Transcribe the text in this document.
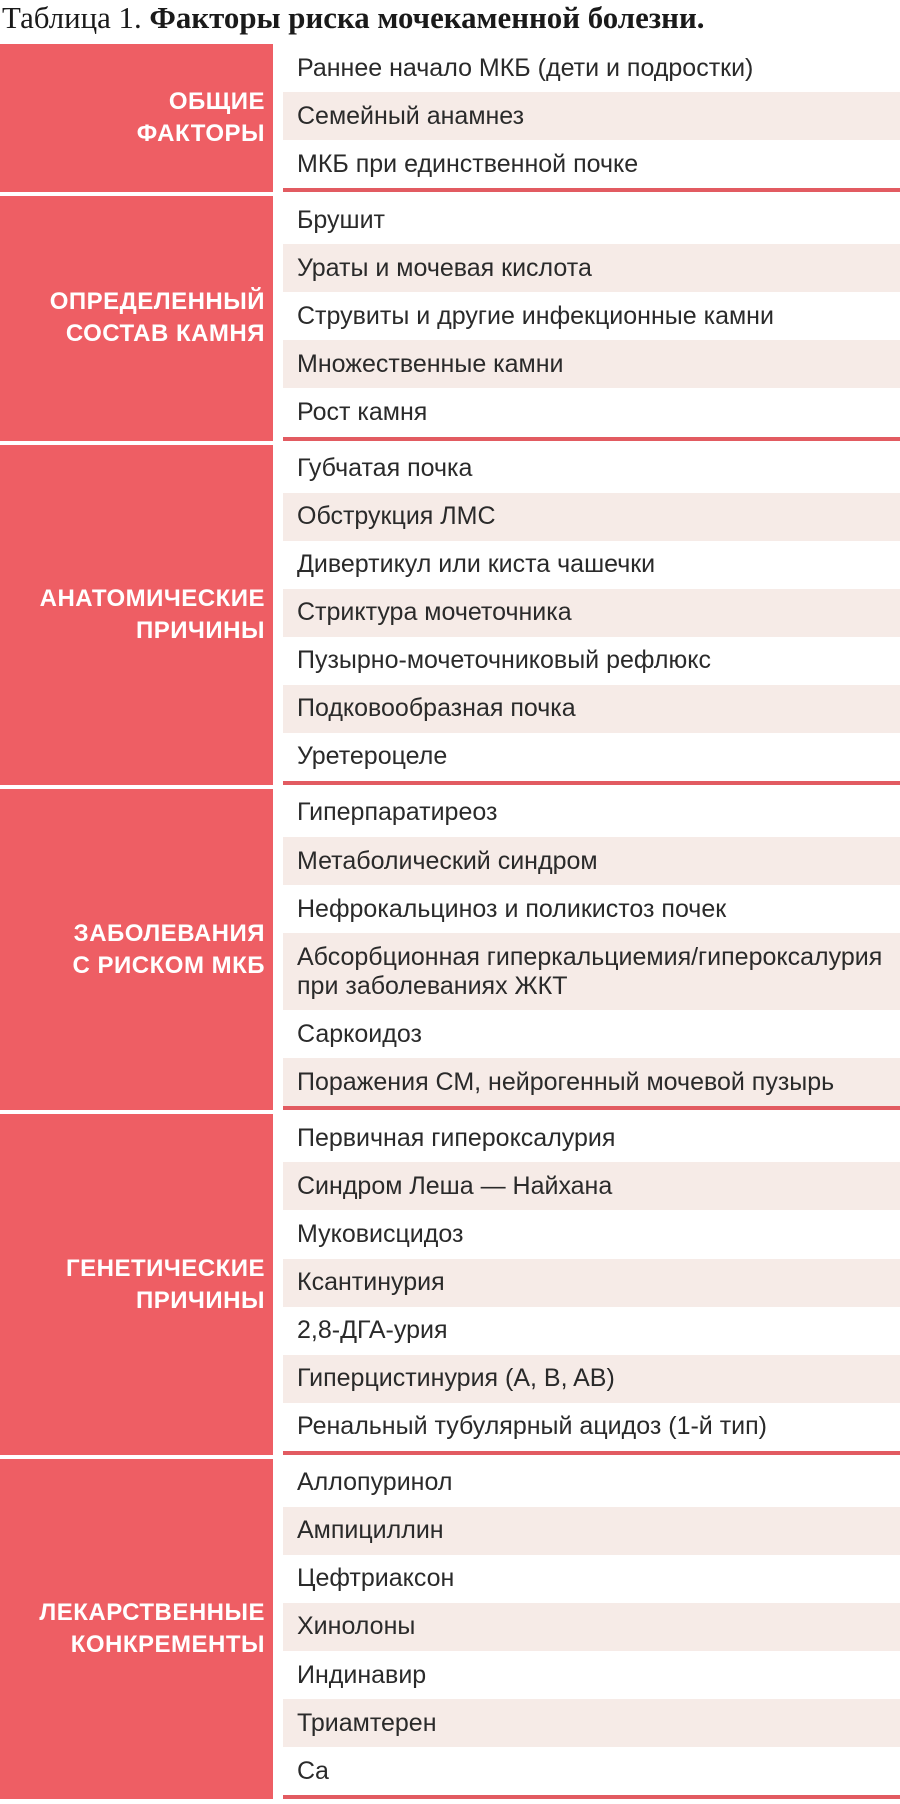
Таблица 1. Факторы риска мочекаменной болезни.
ОБЩИЕ
ФАКТОРЫ
Раннее начало МКБ (дети и подростки)
Семейный анамнез
МКБ при единственной почке
ОПРЕДЕЛЕННЫЙ
СОСТАВ КАМНЯ
Брушит
Ураты и мочевая кислота
Струвиты и другие инфекционные камни
Множественные камни
Рост камня
АНАТОМИЧЕСКИЕ
ПРИЧИНЫ
Губчатая почка
Обструкция ЛМС
Дивертикул или киста чашечки
Стриктура мочеточника
Пузырно-мочеточниковый рефлюкс
Подковообразная почка
Уретероцеле
ЗАБОЛЕВАНИЯ
С РИСКОМ МКБ
Гиперпаратиреоз
Метаболический синдром
Нефрокальциноз и поликистоз почек
Абсорбционная гиперкальциемия/гипероксалурия при заболеваниях ЖКТ
Саркоидоз
Поражения СМ, нейрогенный мочевой пузырь
ГЕНЕТИЧЕСКИЕ
ПРИЧИНЫ
Первичная гипероксалурия
Синдром Леша — Найхана
Муковисцидоз
Ксантинурия
2,8-ДГА-урия
Гиперцистинурия (A, B, AB)
Ренальный тубулярный ацидоз (1-й тип)
ЛЕКАРСТВЕННЫЕ
КОНКРЕМЕНТЫ
Аллопуринол
Ампициллин
Цефтриаксон
Хинолоны
Индинавир
Триамтерен
Ca
